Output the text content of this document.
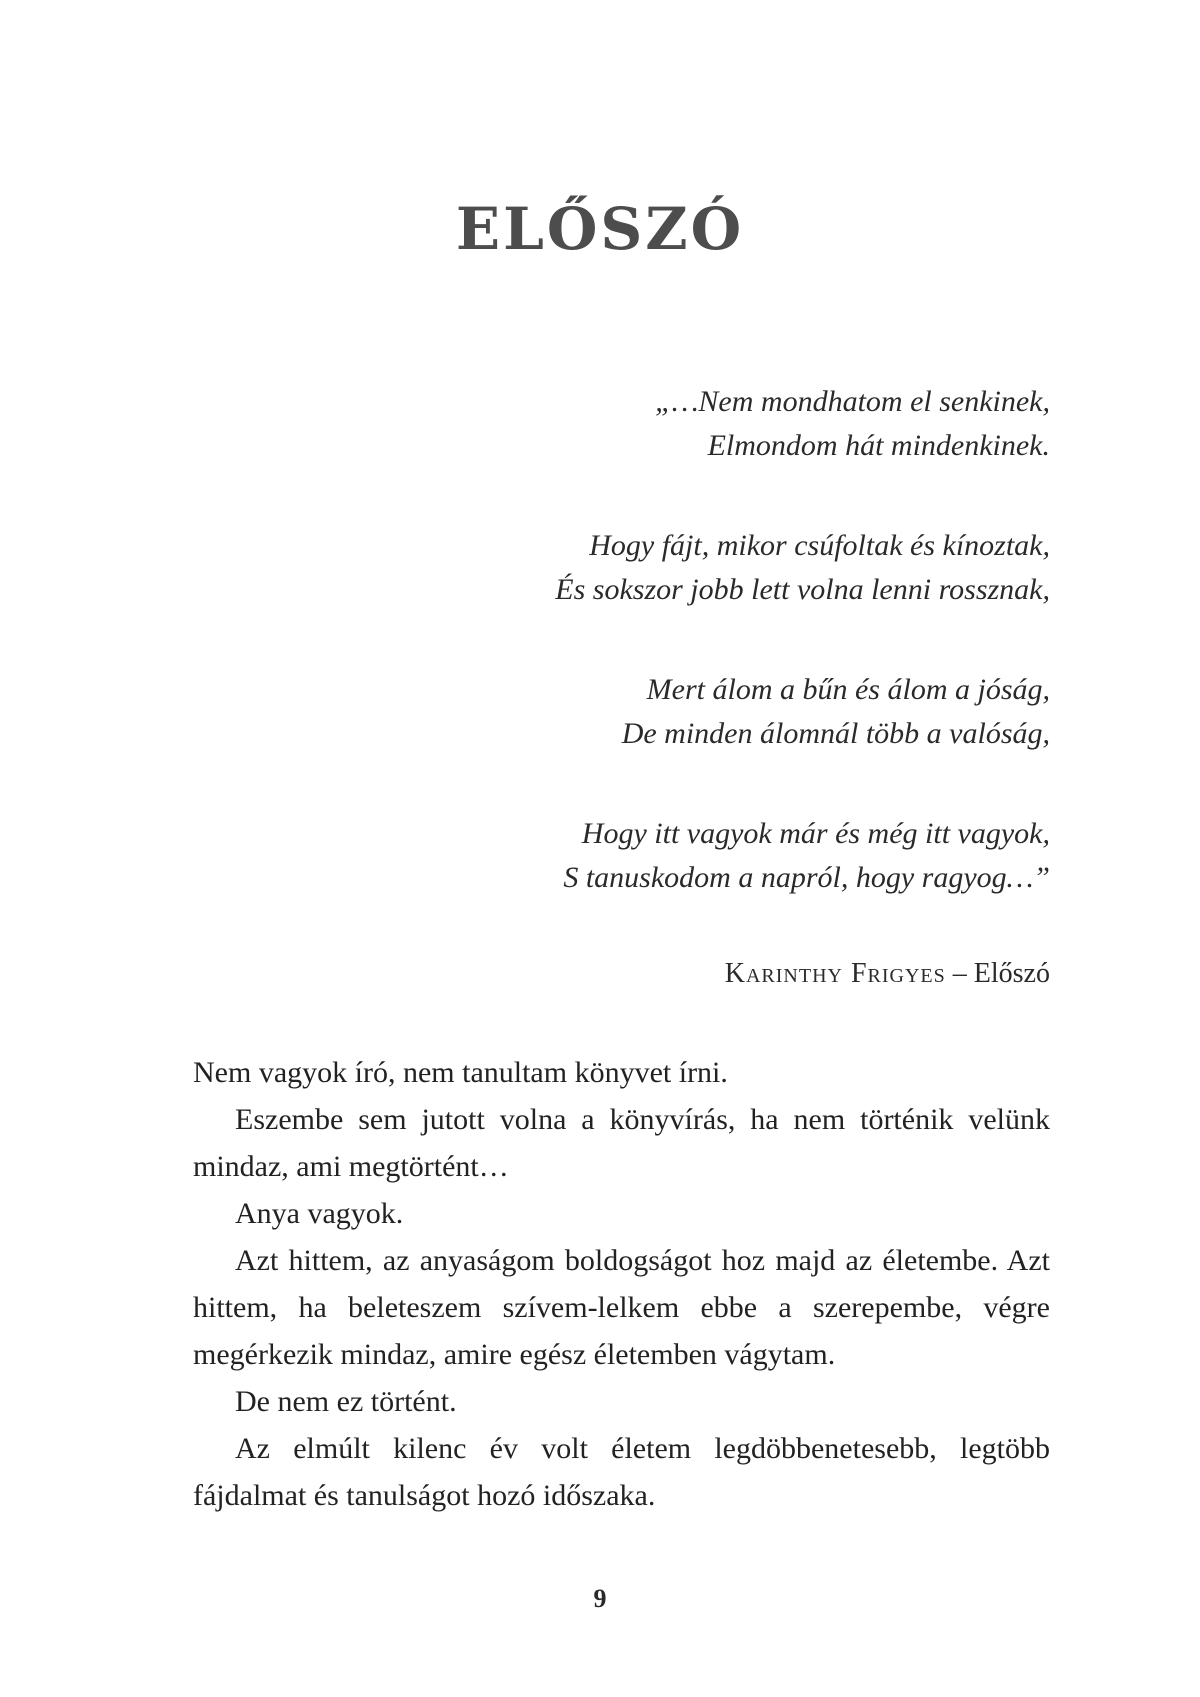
ELŐSZÓ
„…Nem mondhatom el senkinek,
Elmondom hát mindenkinek.
Hogy fájt, mikor csúfoltak és kínoztak,
És sokszor jobb lett volna lenni rossznak,
Mert álom a bűn és álom a jóság,
De minden álomnál több a valóság,
Hogy itt vagyok már és még itt vagyok,
S tanuskodom a napról, hogy ragyog…”
Karinthy Frigyes – Előszó

Nem vagyok író, nem tanultam könyvet írni.

Eszembe sem jutott volna a könyvírás, ha nem történik velünk mindaz, ami megtörtént…

Anya vagyok.

Azt hittem, az anyaságom boldogságot hoz majd az életembe. Azt hittem, ha beleteszem szívem-lelkem ebbe a szerepembe, végre megérkezik mindaz, amire egész életemben vágytam.

De nem ez történt.

Az elmúlt kilenc év volt életem legdöbbenetesebb, legtöbb fájdalmat és tanulságot hozó időszaka.

9
